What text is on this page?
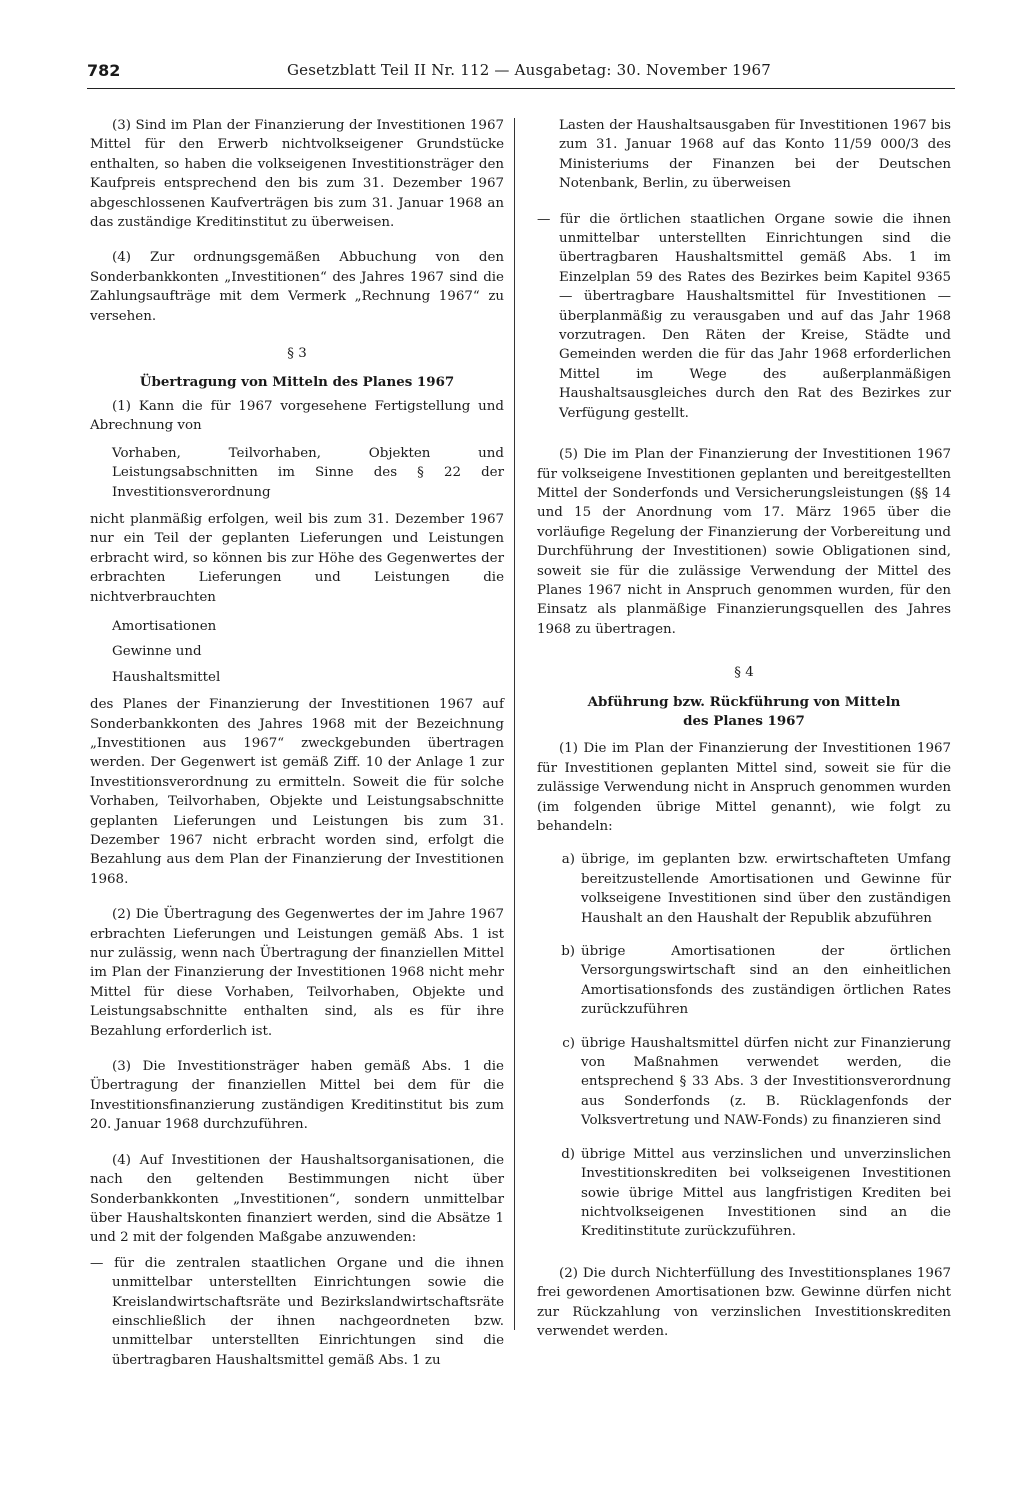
782	Gesetzblatt Teil II Nr. 112 — Ausgabetag: 30. November 1967

(3) Sind im Plan der Finanzierung der Investitionen 1967 Mittel für den Erwerb nichtvolkseigener Grundstücke enthalten, so haben die volkseigenen Investitionsträger den Kaufpreis entsprechend den bis zum 31. Dezember 1967 abgeschlossenen Kaufverträgen bis zum 31. Januar 1968 an das zuständige Kreditinstitut zu überweisen.

(4) Zur ordnungsgemäßen Abbuchung von den Sonderbankkonten „Investitionen“ des Jahres 1967 sind die Zahlungsaufträge mit dem Vermerk „Rechnung 1967“ zu versehen.

§ 3

Übertragung von Mitteln des Planes 1967

(1) Kann die für 1967 vorgesehene Fertigstellung und Abrechnung von

Vorhaben, Teilvorhaben, Objekten und Leistungsabschnitten im Sinne des § 22 der Investitionsverordnung

nicht planmäßig erfolgen, weil bis zum 31. Dezember 1967 nur ein Teil der geplanten Lieferungen und Leistungen erbracht wird, so können bis zur Höhe des Gegenwertes der erbrachten Lieferungen und Leistungen die nichtverbrauchten

Amortisationen

Gewinne und

Haushaltsmittel

des Planes der Finanzierung der Investitionen 1967 auf Sonderbankkonten des Jahres 1968 mit der Bezeichnung „Investitionen aus 1967“ zweckgebunden übertragen werden. Der Gegenwert ist gemäß Ziff. 10 der Anlage 1 zur Investitionsverordnung zu ermitteln. Soweit die für solche Vorhaben, Teilvorhaben, Objekte und Leistungsabschnitte geplanten Lieferungen und Leistungen bis zum 31. Dezember 1967 nicht erbracht worden sind, erfolgt die Bezahlung aus dem Plan der Finanzierung der Investitionen 1968.

(2) Die Übertragung des Gegenwertes der im Jahre 1967 erbrachten Lieferungen und Leistungen gemäß Abs. 1 ist nur zulässig, wenn nach Übertragung der finanziellen Mittel im Plan der Finanzierung der Investitionen 1968 nicht mehr Mittel für diese Vorhaben, Teilvorhaben, Objekte und Leistungsabschnitte enthalten sind, als es für ihre Bezahlung erforderlich ist.

(3) Die Investitionsträger haben gemäß Abs. 1 die Übertragung der finanziellen Mittel bei dem für die Investitionsfinanzierung zuständigen Kreditinstitut bis zum 20. Januar 1968 durchzuführen.

(4) Auf Investitionen der Haushaltsorganisationen, die nach den geltenden Bestimmungen nicht über Sonderbankkonten „Investitionen“, sondern unmittelbar über Haushaltskonten finanziert werden, sind die Absätze 1 und 2 mit der folgenden Maßgabe anzuwenden:

— für die zentralen staatlichen Organe und die ihnen unmittelbar unterstellten Einrichtungen sowie die Kreislandwirtschaftsräte und Bezirkslandwirtschaftsräte einschließlich der ihnen nachgeordneten bzw. unmittelbar unterstellten Einrichtungen sind die übertragbaren Haushaltsmittel gemäß Abs. 1 zu

Lasten der Haushaltsausgaben für Investitionen 1967 bis zum 31. Januar 1968 auf das Konto 11/59 000/3 des Ministeriums der Finanzen bei der Deutschen Notenbank, Berlin, zu überweisen

— für die örtlichen staatlichen Organe sowie die ihnen unmittelbar unterstellten Einrichtungen sind die übertragbaren Haushaltsmittel gemäß Abs. 1 im Einzelplan 59 des Rates des Bezirkes beim Kapitel 9365 — übertragbare Haushaltsmittel für Investitionen — überplanmäßig zu verausgaben und auf das Jahr 1968 vorzutragen. Den Räten der Kreise, Städte und Gemeinden werden die für das Jahr 1968 erforderlichen Mittel im Wege des außerplanmäßigen Haushaltsausgleiches durch den Rat des Bezirkes zur Verfügung gestellt.

(5) Die im Plan der Finanzierung der Investitionen 1967 für volkseigene Investitionen geplanten und bereitgestellten Mittel der Sonderfonds und Versicherungsleistungen (§§ 14 und 15 der Anordnung vom 17. März 1965 über die vorläufige Regelung der Finanzierung der Vorbereitung und Durchführung der Investitionen) sowie Obligationen sind, soweit sie für die zulässige Verwendung der Mittel des Planes 1967 nicht in Anspruch genommen wurden, für den Einsatz als planmäßige Finanzierungsquellen des Jahres 1968 zu übertragen.

§ 4

Abführung bzw. Rückführung von Mitteln

des Planes 1967

(1) Die im Plan der Finanzierung der Investitionen 1967 für Investitionen geplanten Mittel sind, soweit sie für die zulässige Verwendung nicht in Anspruch genommen wurden (im folgenden übrige Mittel genannt), wie folgt zu behandeln:

a) übrige, im geplanten bzw. erwirtschafteten Umfang bereitzustellende Amortisationen und Gewinne für volkseigene Investitionen sind über den zuständigen Haushalt an den Haushalt der Republik abzuführen
b) übrige Amortisationen der örtlichen Versorgungswirtschaft sind an den einheitlichen Amortisationsfonds des zuständigen örtlichen Rates zurückzuführen
c) übrige Haushaltsmittel dürfen nicht zur Finanzierung von Maßnahmen verwendet werden, die entsprechend § 33 Abs. 3 der Investitionsverordnung aus Sonderfonds (z. B. Rücklagenfonds der Volksvertretung und NAW-Fonds) zu finanzieren sind
d) übrige Mittel aus verzinslichen und unverzinslichen Investitionskrediten bei volkseigenen Investitionen sowie übrige Mittel aus langfristigen Krediten bei nichtvolkseigenen Investitionen sind an die Kreditinstitute zurückzuführen.

(2) Die durch Nichterfüllung des Investitionsplanes 1967 frei gewordenen Amortisationen bzw. Gewinne dürfen nicht zur Rückzahlung von verzinslichen Investitionskrediten verwendet werden.
